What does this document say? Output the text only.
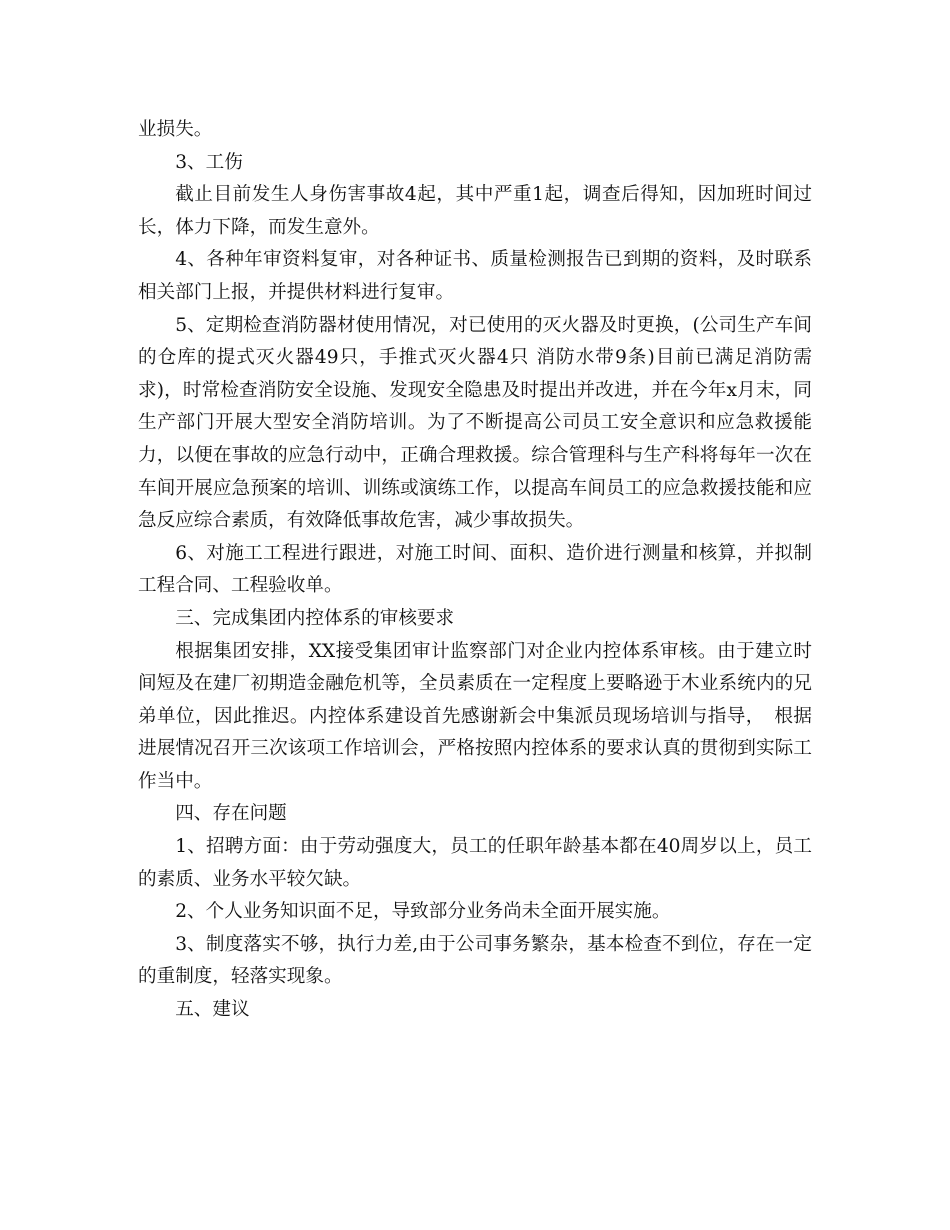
业损失。

3、工伤

截止目前发生人身伤害事故4起，其中严重1起，调查后得知，因加班时间过长，体力下降，而发生意外。

4、各种年审资料复审，对各种证书、质量检测报告已到期的资料，及时联系相关部门上报，并提供材料进行复审。

5、定期检查消防器材使用情况，对已使用的灭火器及时更换，(公司生产车间的仓库的提式灭火器49只，手推式灭火器4只 消防水带9条)目前已满足消防需求)，时常检查消防安全设施、发现安全隐患及时提出并改进，并在今年x月末，同生产部门开展大型安全消防培训。为了不断提高公司员工安全意识和应急救援能力，以便在事故的应急行动中，正确合理救援。综合管理科与生产科将每年一次在车间开展应急预案的培训、训练或演练工作，以提高车间员工的应急救援技能和应急反应综合素质，有效降低事故危害，减少事故损失。

6、对施工工程进行跟进，对施工时间、面积、造价进行测量和核算，并拟制工程合同、工程验收单。

三、完成集团内控体系的审核要求

根据集团安排，XX接受集团审计监察部门对企业内控体系审核。由于建立时间短及在建厂初期造金融危机等，全员素质在一定程度上要略逊于木业系统内的兄弟单位，因此推迟。内控体系建设首先感谢新会中集派员现场培训与指导，　根据进展情况召开三次该项工作培训会，严格按照内控体系的要求认真的贯彻到实际工作当中。

四、存在问题

1、招聘方面：由于劳动强度大，员工的任职年龄基本都在40周岁以上，员工的素质、业务水平较欠缺。

2、个人业务知识面不足，导致部分业务尚未全面开展实施。

3、制度落实不够，执行力差,由于公司事务繁杂，基本检查不到位，存在一定的重制度，轻落实现象。

五、建议
